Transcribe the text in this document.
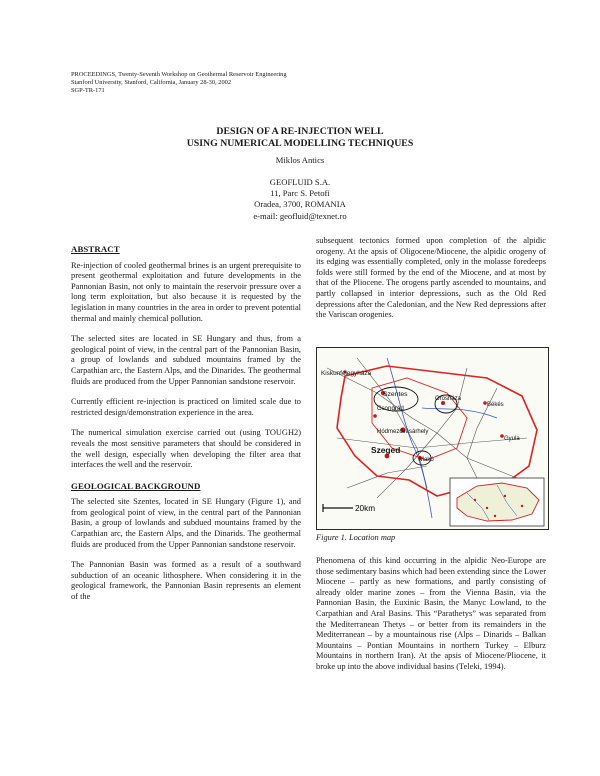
PROCEEDINGS, Twenty-Seventh Workshop on Geothermal Reservoir Engineering
Stanford University, Stanford, California, January 28-30, 2002
SGP-TR-171
DESIGN OF A RE-INJECTION WELL
USING NUMERICAL MODELLING TECHNIQUES
Miklos Antics
GEOFLUID S.A.
11, Parc S. Petofi
Oradea, 3700, ROMANIA
e-mail: geofluid@texnet.ro
ABSTRACT

Re-injection of cooled geothermal brines is an urgent prerequisite to present geothermal exploitation and future developments in the Pannonian Basin, not only to maintain the reservoir pressure over a long term exploitation, but also because it is requested by the legislation in many countries in the area in order to prevent potential thermal and mainly chemical pollution.

The selected sites are located in SE Hungary and thus, from a geological point of view, in the central part of the Pannonian Basin, a group of lowlands and subdued mountains framed by the Carpathian arc, the Eastern Alps, and the Dinarides. The geothermal fluids are produced from the Upper Pannonian sandstone reservoir.

Currently efficient re-injection is practiced on limited scale due to restricted design/demonstration experience in the area.

The numerical simulation exercise carried out (using TOUGH2) reveals the most sensitive parameters that should be considered in the well design, especially when developing the filter area that interfaces the well and the reservoir.

GEOLOGICAL BACKGROUND

The selected site Szentes, located in SE Hungary (Figure 1), and from geological point of view, in the central part of the Pannonian Basin, a group of lowlands and subdued mountains framed by the Carpathian arc, the Eastern Alps, and the Dinarids. The geothermal fluids are produced from the Upper Pannonian sandstone reservoir.

The Pannonian Basin was formed as a result of a southward subduction of an oceanic lithosphere. When considering it in the geological framework, the Pannonian Basin represents an element of the

subsequent tectonics formed upon completion of the alpidic orogeny. At the apsis of Oligocene/Miocene, the alpidic orogeny of its edging was essentially completed, only in the molasse foredeeps folds were still formed by the end of the Miocene, and at most by that of the Pliocene. The orogens partly ascended to mountains, and partly collapsed in interior depressions, such as the Old Red depressions after the Caledonian, and the New Red depressions after the Variscan orogenies.

Kiskunfélegyháza
Szentes
Csongrád
Hódmezővásárhely
Szeged
Makó
Orosháza
Békés
Gyula
20km
Figure 1. Location map

Phenomena of this kind occurring in the alpidic Neo-Europe are those sedimentary basins which had been extending since the Lower Miocene – partly as new formations, and partly consisting of already older marine zones – from the Vienna Basin, via the Pannonian Basin, the Euxinic Basin, the Manyc Lowland, to the Carpathian and Aral Basins. This “Parathetys” was separated from the Mediterranean Thetys – or better from its remainders in the Mediterranean – by a mountainous rise (Alps – Dinarids – Balkan Mountains – Pontian Mountains in northern Turkey – Elburz Mountains in northern Iran). At the apsis of Miocene/Pliocene, it broke up into the above individual basins (Teleki, 1994).
